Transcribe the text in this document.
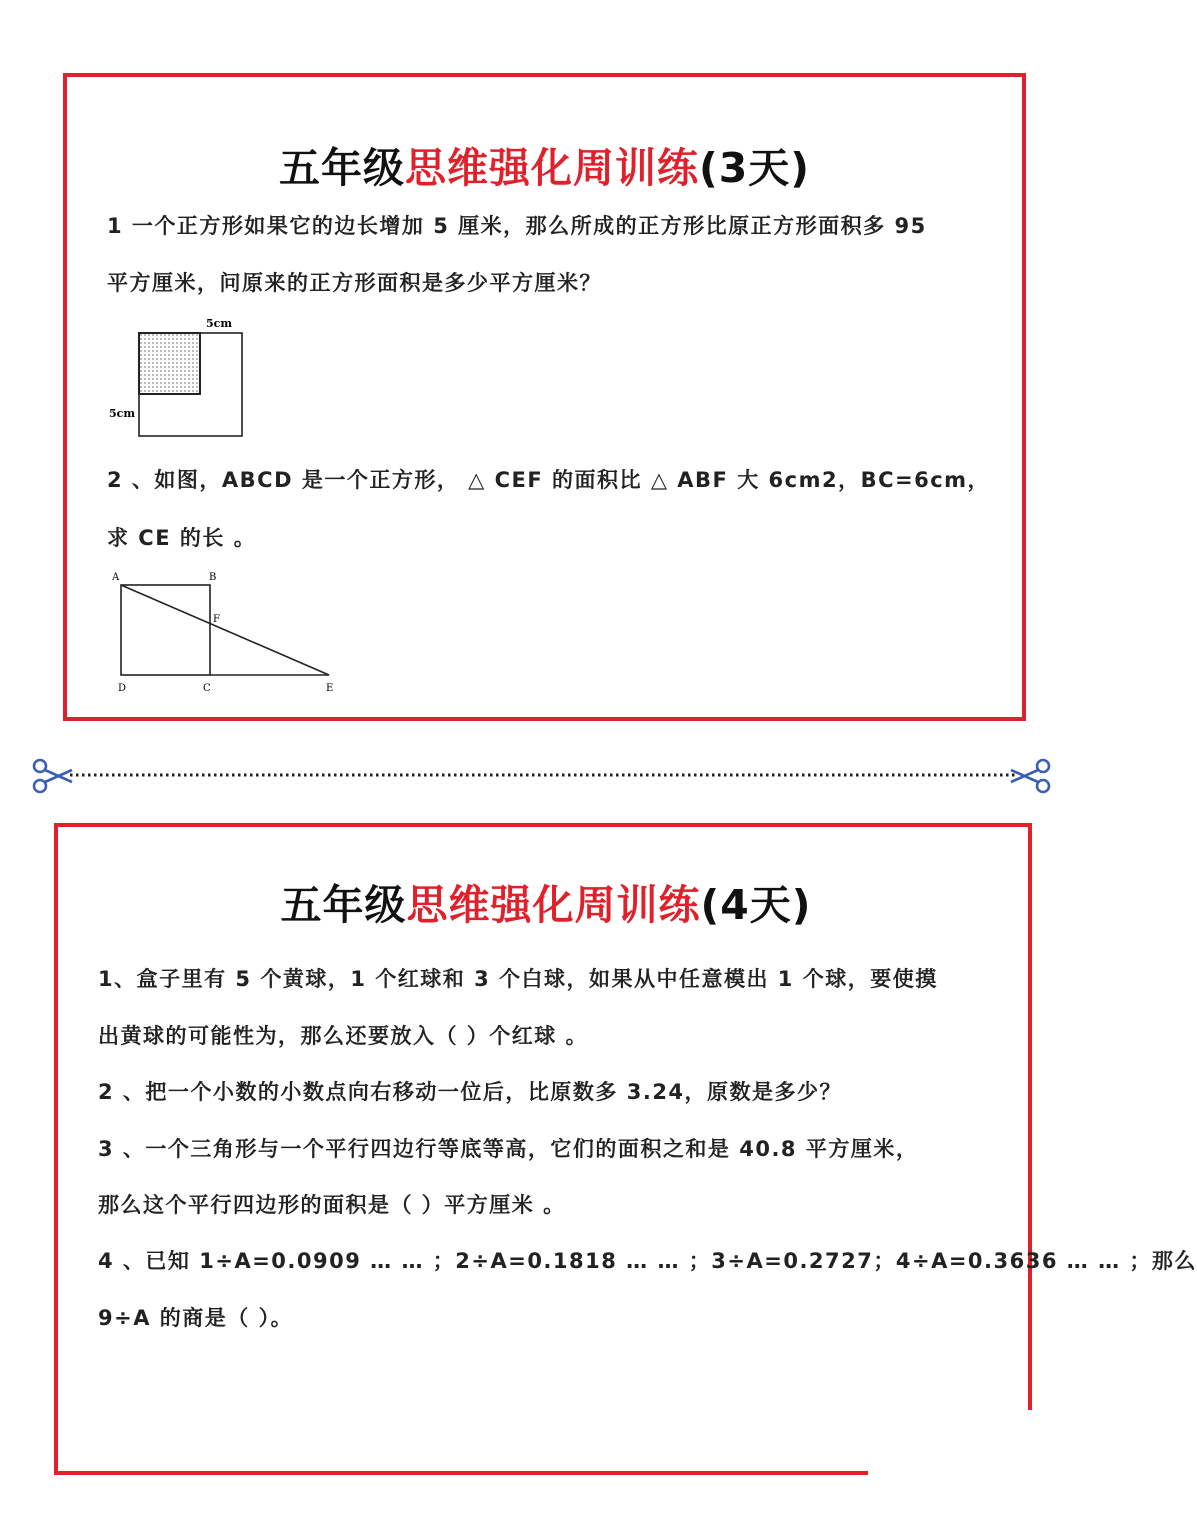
五年级思维强化周训练(3天)
1 一个正方形如果它的边长增加 5 厘米，那么所成的正方形比原正方形面积多 95
平方厘米，问原来的正方形面积是多少平方厘米？
5cm
5cm
2 、如图，ABCD 是一个正方形， △ CEF 的面积比 △ ABF 大 6cm2，BC=6cm，
求 CE 的长 。
A	B
F
D	C	E
五年级思维强化周训练(4天)
1、盒子里有 5 个黄球，1 个红球和 3 个白球，如果从中任意模出 1 个球，要使摸
出黄球的可能性为，那么还要放入（ ）个红球 。
2 、把一个小数的小数点向右移动一位后，比原数多 3.24，原数是多少？
3 、一个三角形与一个平行四边行等底等高，它们的面积之和是 40.8 平方厘米，
那么这个平行四边形的面积是（ ）平方厘米 。
4 、已知 1÷A=0.0909 … … ；2÷A=0.1818 … … ；3÷A=0.2727；4÷A=0.3636 … … ；那么
9÷A 的商是（ ）。
